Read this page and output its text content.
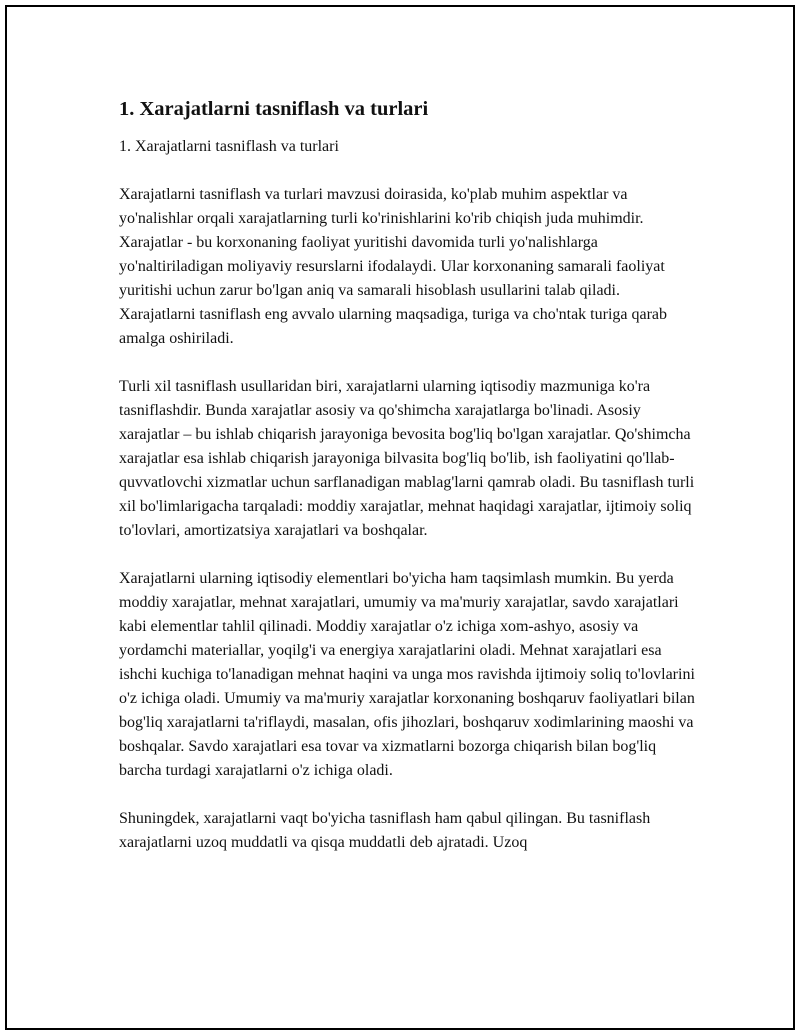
1. Xarajatlarni tasniflash va turlari

1. Xarajatlarni tasniflash va turlari

Xarajatlarni tasniflash va turlari mavzusi doirasida, ko'plab muhim aspektlar va yo'nalishlar orqali xarajatlarning turli ko'rinishlarini ko'rib chiqish juda muhimdir. Xarajatlar - bu korxonaning faoliyat yuritishi davomida turli yo'nalishlarga yo'naltiriladigan moliyaviy resurslarni ifodalaydi. Ular korxonaning samarali faoliyat yuritishi uchun zarur bo'lgan aniq va samarali hisoblash usullarini talab qiladi. Xarajatlarni tasniflash eng avvalo ularning maqsadiga, turiga va cho'ntak turiga qarab amalga oshiriladi.

Turli xil tasniflash usullaridan biri, xarajatlarni ularning iqtisodiy mazmuniga ko'ra tasniflashdir. Bunda xarajatlar asosiy va qo'shimcha xarajatlarga bo'linadi. Asosiy xarajatlar – bu ishlab chiqarish jarayoniga bevosita bog'liq bo'lgan xarajatlar. Qo'shimcha xarajatlar esa ishlab chiqarish jarayoniga bilvasita bog'liq bo'lib, ish faoliyatini qo'llab-quvvatlovchi xizmatlar uchun sarflanadigan mablag'larni qamrab oladi. Bu tasniflash turli xil bo'limlarigacha tarqaladi: moddiy xarajatlar, mehnat haqidagi xarajatlar, ijtimoiy soliq to'lovlari, amortizatsiya xarajatlari va boshqalar.

Xarajatlarni ularning iqtisodiy elementlari bo'yicha ham taqsimlash mumkin. Bu yerda moddiy xarajatlar, mehnat xarajatlari, umumiy va ma'muriy xarajatlar, savdo xarajatlari kabi elementlar tahlil qilinadi. Moddiy xarajatlar o'z ichiga xom-ashyo, asosiy va yordamchi materiallar, yoqilg'i va energiya xarajatlarini oladi. Mehnat xarajatlari esa ishchi kuchiga to'lanadigan mehnat haqini va unga mos ravishda ijtimoiy soliq to'lovlarini o'z ichiga oladi. Umumiy va ma'muriy xarajatlar korxonaning boshqaruv faoliyatlari bilan bog'liq xarajatlarni ta'riflaydi, masalan, ofis jihozlari, boshqaruv xodimlarining maoshi va boshqalar. Savdo xarajatlari esa tovar va xizmatlarni bozorga chiqarish bilan bog'liq barcha turdagi xarajatlarni o'z ichiga oladi.

Shuningdek, xarajatlarni vaqt bo'yicha tasniflash ham qabul qilingan. Bu tasniflash xarajatlarni uzoq muddatli va qisqa muddatli deb ajratadi. Uzoq
